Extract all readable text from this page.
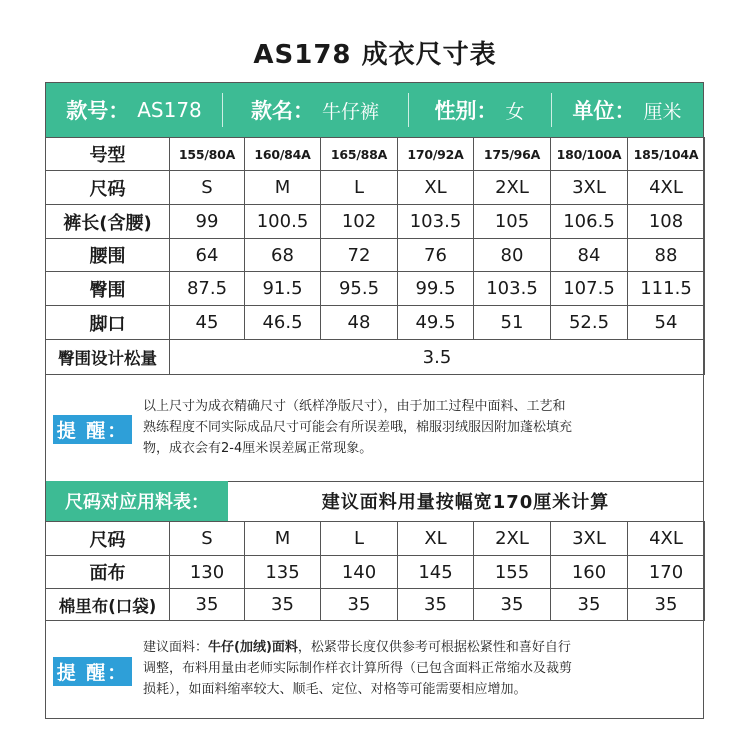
AS178 成衣尺寸表
款号： AS178 款名： 牛仔裤	性别： 女 单位： 厘米
号型	155/80A	160/84A	165/88A	170/92A	175/96A	180/100A	185/104A
尺码	S	M	L	XL	2XL	3XL	4XL
裤长(含腰)	99	100.5	102	103.5	105	106.5	108
腰围	64	68	72	76	80	84	88
臀围	87.5	91.5	95.5	99.5	103.5	107.5	111.5
脚口	45	46.5	48	49.5	51	52.5	54
臀围设计松量	3.5						
提 醒：
以上尺寸为成衣精确尺寸（纸样净版尺寸），由于加工过程中面料、工艺和
熟练程度不同实际成品尺寸可能会有所误差哦，棉服羽绒服因附加蓬松填充
物，成衣会有2-4厘米误差属正常现象。
尺码对应用料表：	建议面料用量按幅宽170厘米计算
尺码	S	M	L	XL	2XL	3XL	4XL
面布	130	135	140	145	155	160	170
棉里布(口袋)	35	35	35	35	35	35	35
提 醒：
建议面料：牛仔(加绒)面料，松紧带长度仅供参考可根据松紧性和喜好自行
调整，布料用量由老师实际制作样衣计算所得（已包含面料正常缩水及裁剪
损耗），如面料缩率较大、顺毛、定位、对格等可能需要相应增加。
